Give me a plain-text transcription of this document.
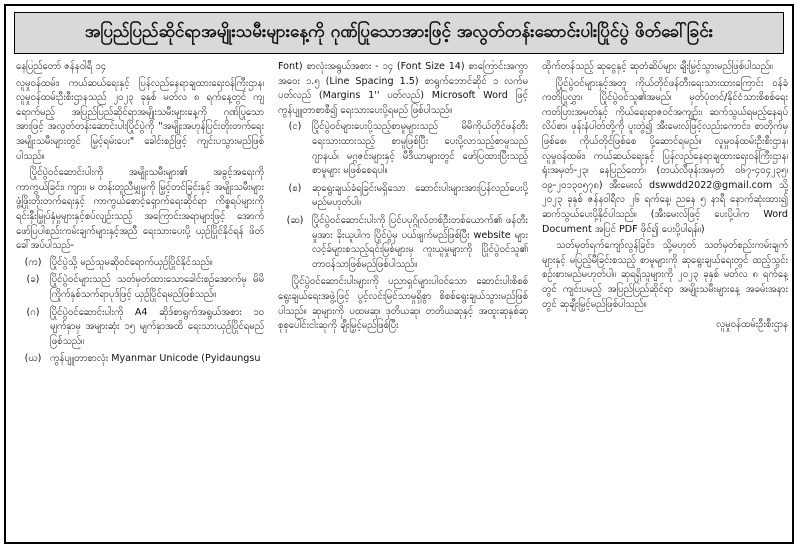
အပြည်ပြည်ဆိုင်ရာအမျိုးသမီးများနေ့ကို ဂုဏ်ပြုသောအားဖြင့် အလွတ်တန်းဆောင်းပါးပြိုင်ပွဲ ဖိတ်ခေါ်ခြင်း

နေပြည်တော် ဇန်နဝါရီ ၁၄

လူမှုဝန်ထမ်း၊ ကယ်ဆယ်ရေးနှင့် ပြန်လည်နေရာချထားရေးဝန်ကြီးဌာန၊ လူမှုဝန်ထမ်းဦးစီးဌာနသည် ၂၀၂၃ ခုနှစ် မတ်လ ၈ ရက်နေ့တွင် ကျရောက်မည့် အပြည်ပြည်ဆိုင်ရာအမျိုးသမီးများနေ့ကို ဂုဏ်ပြုသောအားဖြင့် အလွတ်တန်းဆောင်းပါးပြိုင်ပွဲကို "အမျိုးအဟုန်ပြင်းတိုးတက်ရေး အမျိုးသမီးများတွင် မြှင့်ရမ်းပေး" ခေါင်းစဉ်ဖြင့် ကျင်းပသွားမည်ဖြစ်ပါသည်။

ပြိုင်ပွဲဝင်ဆောင်းပါးကို အမျိုးသမီးများ၏ အခွင့်အရေးကိုကာကွယ်ခြင်း၊ ကျား၊ မ တန်းတူညီမျှမှုကို မြှင့်တင်ခြင်းနှင့် အမျိုးသမီးများ ဖွံ့ဖြိုးတိုးတက်ရေးနှင့် ကာကွယ်စောင့်ရှောက်ရေးဆိုင်ရာ ကိစ္စရပ်များကို ရင်းနှီးမြှုပ်နှံမှုများနှင့်စပ်လျဉ်းသည့် အကြောင်းအရာများဖြင့် အောက်ဖော်ပြပါစည်းကမ်းချက်များနှင့်အညီ ရေးသားပေးပို့ ယှဉ်ပြိုင်နိုင်ရန် ဖိတ်ခေါ်အပ်ပါသည်-

(က) ပြိုင်ပွဲသို့ မည်သူမဆိုဝင်ရောက်ယှဉ်ပြိုင်နိုင်သည်။
(ခ)	ပြိုင်ပွဲဝင်များသည် သတ်မှတ်ထားသောခေါင်းစဉ်အောက်မှ မိမိကြိုက်နှစ်သက်ရာပုဒ်ဖြင့် ယှဉ်ပြိုင်ရမည်ဖြစ်သည်။
(ဂ)	ပြိုင်ပွဲဝင်ဆောင်းပါးကို A4 ဆိုဒ်စာရွက်အရွယ်အစား ၁၀ မျက်နှာမှ အများဆုံး ၁၅ မျက်နှာအထိ ရေးသားယှဉ်ပြိုင်ရမည်ဖြစ်သည်။
(ဃ) ကွန်ပျူတာစာလုံး Myanmar Unicode (Pyidaungsu

Font) စာလုံးအရွယ်အစား - ၁၄ (Font Size 14) စာကြောင်းအကွာအဝေး ၁.၅ (Line Spacing 1.5) စာရွက်ဘောင်ဆိုင် ၁ လက်မပတ်လည် (Margins 1'' ပတ်လည်) Microsoft Word ဖြင့် ကွန်ပျူတာစာစီ၍ ရေးသားပေးပို့ရမည် ဖြစ်ပါသည်။

(င)	ပြိုင်ပွဲဝင်များပေးပို့သည့်စာမူများသည် မိမိကိုယ်တိုင်ဖန်တီးရေးသားထားသည့် စာမူဖြစ်ပြီး ပေးပို့လာသည့်စာမူသည် ဂျာနယ်၊ မဂ္ဂဇင်းများနှင့် မီဒီယာများတွင် ဖော်ပြထားပြီးသည့်စာမူများ မဖြစ်စေရပါ။
(စ)	ဆုရွေးချယ်ခံရခြင်းမရှိသော ဆောင်းပါးများအားပြန်လည်ပေးပို့မည်မဟုတ်ပါ။
(ဆ) ပြိုင်ပွဲဝင်ဆောင်းပါးကို ပြင်ပပုဂ္ဂိုလ်တစ်ဦးတစ်ယောက်၏ ဖန်တီးမှုအား ခိုးယူပါက ပြိုင်ပွဲမှ ပယ်ဖျက်မည်ဖြစ်ပြီး website များ လင့်ခ်များစသည့်ရင်းမြစ်များမှ ကူးယူမှုများကို ပြိုင်ပွဲဝင်သူ၏ တာဝန်သာဖြစ်မည်ဖြစ်ပါသည်။

ပြိုင်ပွဲဝင်ဆောင်းပါးများကို ပညာရှင်များပါဝင်သော ဆောင်းပါးစိစစ်ရွေးချယ်ရေးအဖွဲ့ဖြင့် ပွင့်လင်းမြင်သာမှုရှိစွာ စိစစ်ရွေးချယ်သွားမည်ဖြစ်ပါသည်။ ဆုများကို ပထမဆု၊ ဒုတိယဆု၊ တတိယဆုနှင့် အထူးဆုနှစ်ဆု စုစုပေါင်းငါးဆုကို ချီးမြှင့်မည်ဖြစ်ပြီး

ထိုက်တန်သည့် ဆုငွေနှင့် ဆုတံဆိပ်များ ချီးမြှင့်သွားမည်ဖြစ်ပါသည်။

ပြိုင်ပွဲဝင်များနှင့်အတူ ကိုယ်တိုင်ဖန်တီးရေးသားထားကြောင်း ဝန်ခံကတိပြုလွှာ၊ ပြိုင်ပွဲဝင်သူ၏အမည်၊ မှတ်ပုံတင်/နိုင်ငံသားစိစစ်ရေးကတ်ပြားအမှတ်နှင့် ကိုယ်ရေးရာဇဝင်အကျဉ်း၊ ဆက်သွယ်ရမည့်နေရပ်လိပ်စာ၊ ဖုန်းနံပါတ်တို့ကို ပူးတွဲ၍ အီးမေးလ်ဖြင့်လည်းကောင်း၊ စာတိုက်မှဖြစ်စေ၊ ကိုယ်တိုင်ဖြစ်စေ ပို့ဆောင်ရမည်။ လူမှုဝန်ထမ်းဦးစီးဌာန၊ လူမှုဝန်ထမ်း၊ ကယ်ဆယ်ရေးနှင့် ပြန်လည်နေရာချထားရေးဝန်ကြီးဌာန၊ ရုံးအမှတ်-၂၃၊ နေပြည်တော်၊ (တယ်လီဖုန်းအမှတ် ၀၆၇-၄၀၄၂၃၅၊ ၀၉-၂၀၁၃၀၅၇၈) အီးမေးလ် dswwdd2022@gmail.com သို့ ၂၀၂၃ ခုနှစ် ဇန်နဝါရီလ ၂၆ ရက်နေ့၊ ညနေ ၅ နာရီ နောက်ဆုံးထား၍ ဆက်သွယ်ပေးပို့နိုင်ပါသည်။ (အီးမေးလ်ဖြင့် ပေးပို့ပါက Word Document အပြင် PDF ဖိုင်၍ ပေးပို့ပါရန်။)

သတ်မှတ်ရက်ကျော်လွန်ခြင်း၊ သို့မဟုတ် သတ်မှတ်စည်းကမ်းချက်များနှင့် မပြည့်မီခြင်းစသည့် စာမူများကို ဆုရွေးချယ်ရေးတွင် ထည့်သွင်းစဉ်းစားမည်မဟုတ်ပါ။ ဆုရရှိသူများကို ၂၀၂၃ ခုနှစ် မတ်လ ၈ ရက်နေ့တွင် ကျင်းပမည့် အပြည်ပြည်ဆိုင်ရာ အမျိုးသမီးများနေ့ အခမ်းအနားတွင် ဆုချီးမြှင့်မည်ဖြစ်ပါသည်။

လူမှုဝန်ထမ်းဦးစီးဌာန
